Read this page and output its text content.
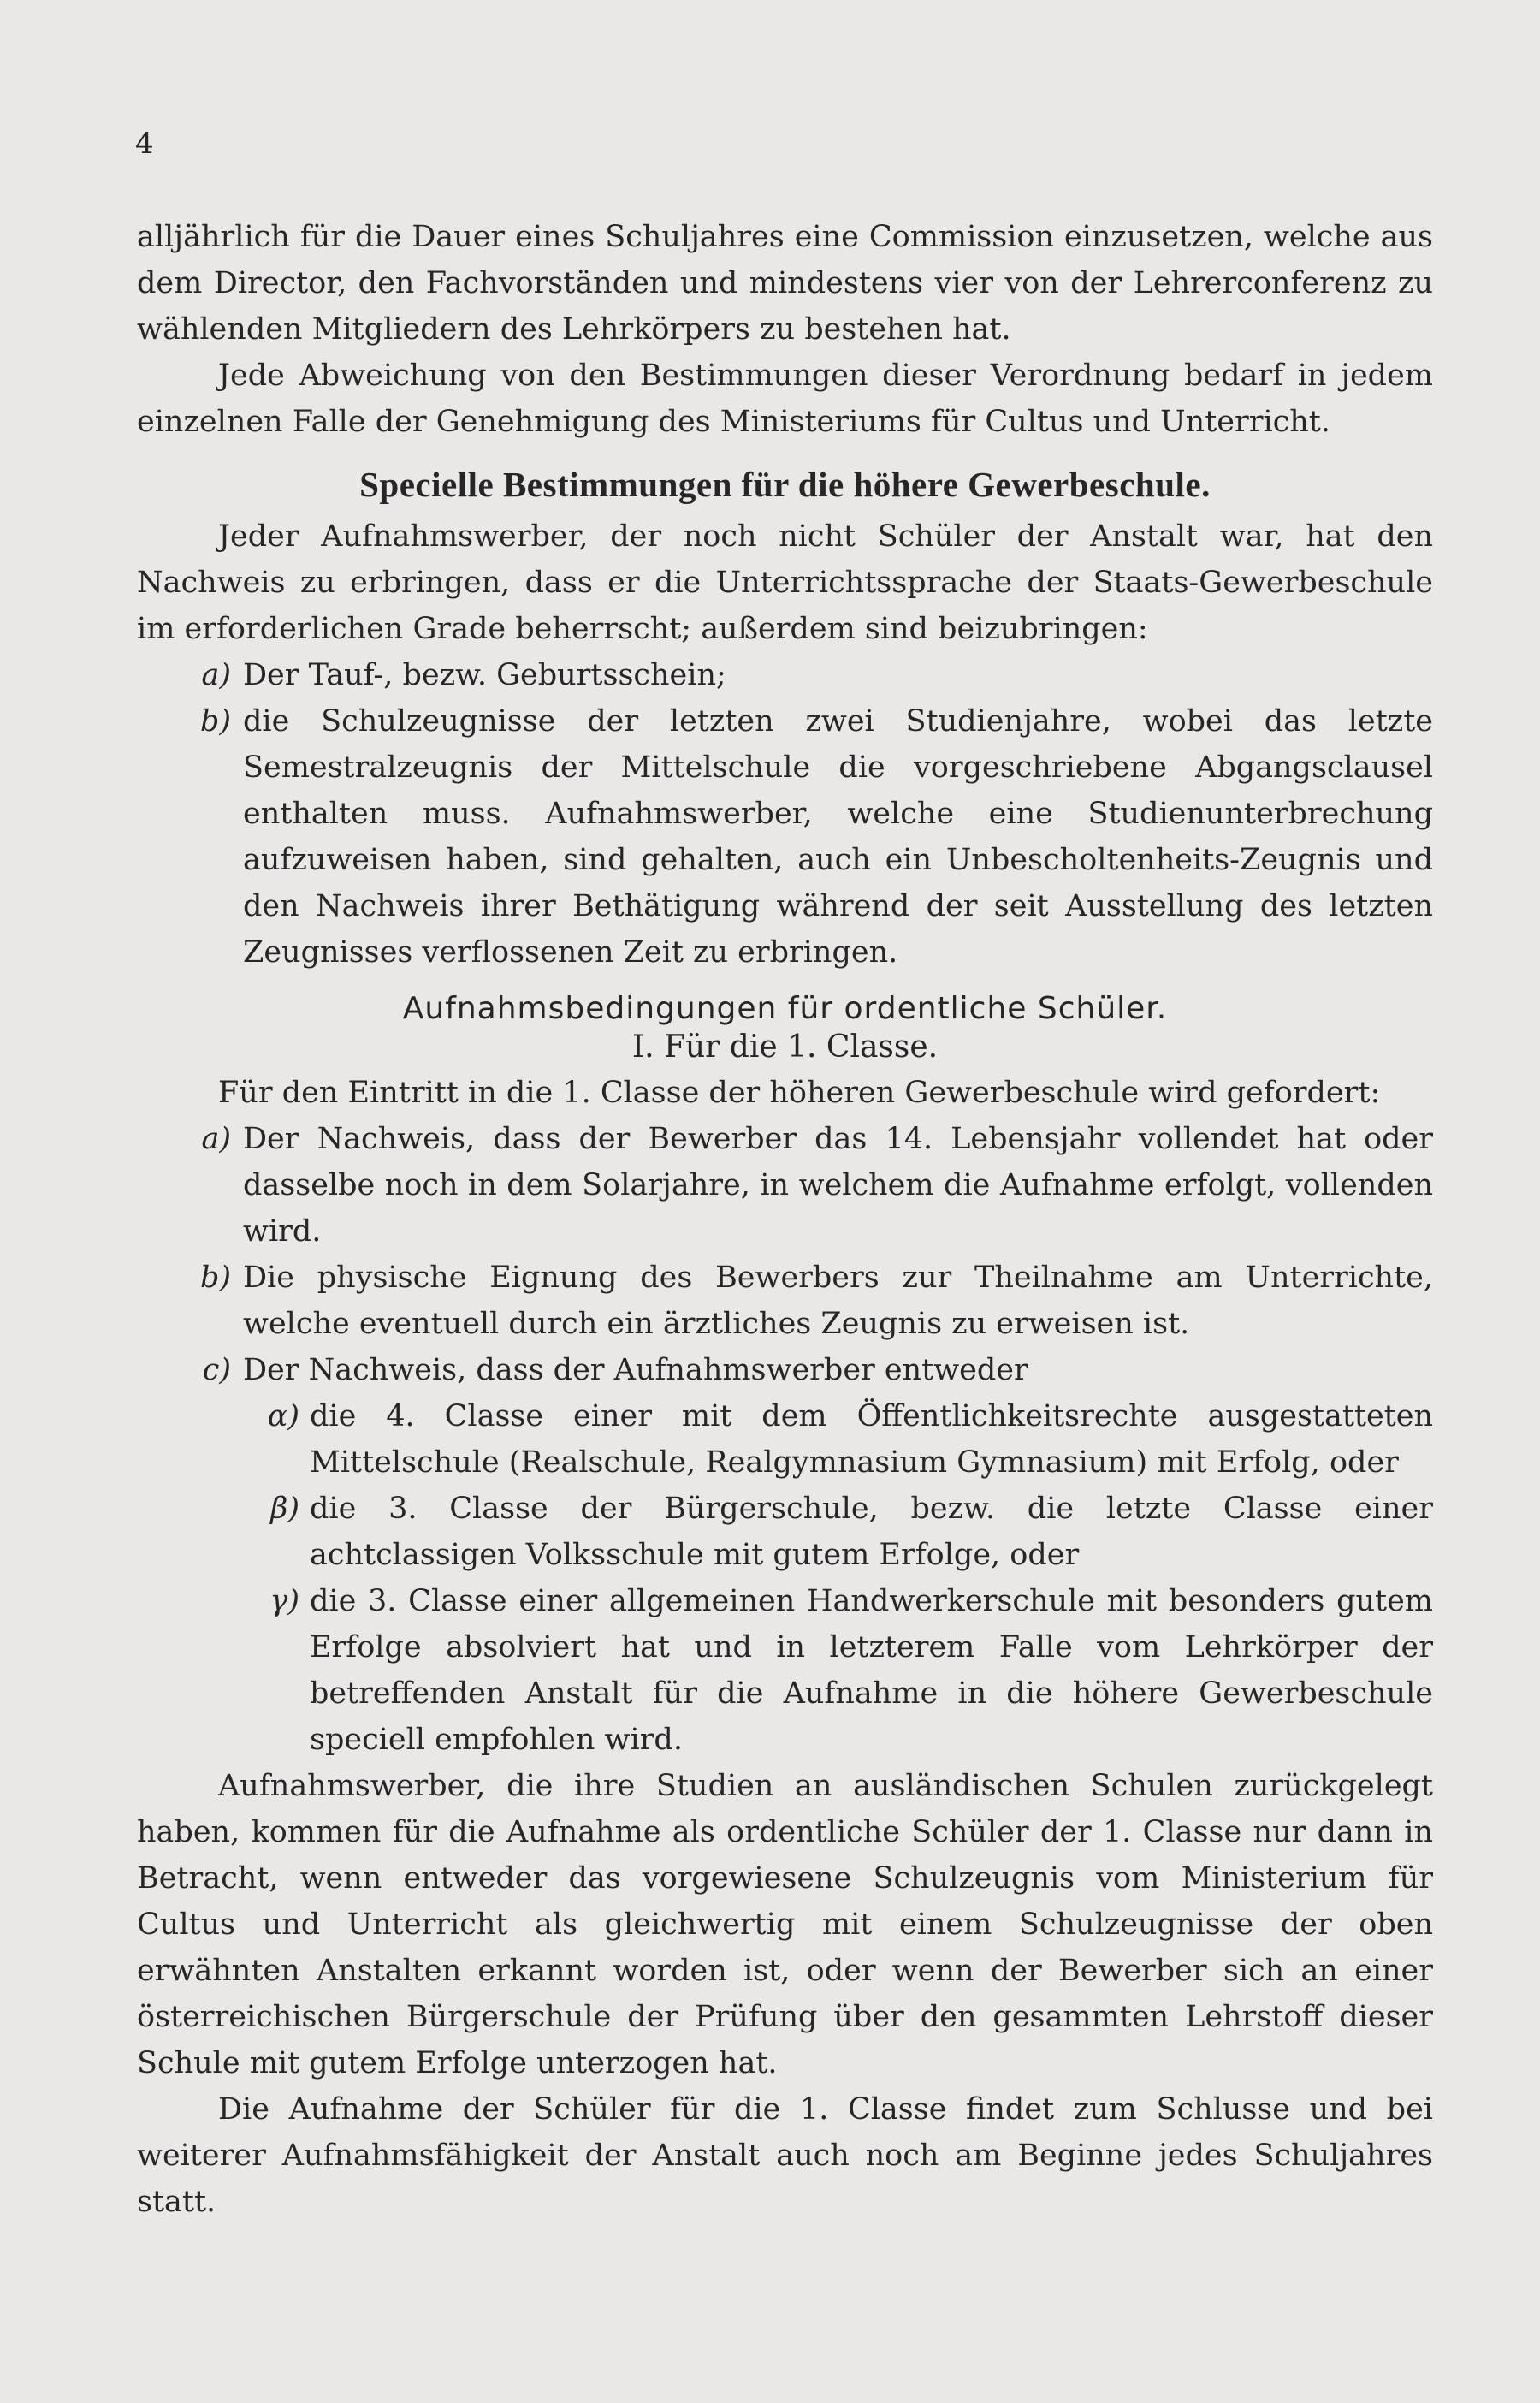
4

alljährlich für die Dauer eines Schuljahres eine Commission einzusetzen, welche aus dem Director, den Fachvorständen und mindestens vier von der Lehrerconferenz zu wählenden Mitgliedern des Lehrkörpers zu bestehen hat.

Jede Abweichung von den Bestimmungen dieser Verordnung bedarf in jedem einzelnen Falle der Genehmigung des Ministeriums für Cultus und Unterricht.

Specielle Bestimmungen für die höhere Gewerbeschule.

Jeder Aufnahmswerber, der noch nicht Schüler der Anstalt war, hat den Nachweis zu erbringen, dass er die Unterrichtssprache der Staats-Gewerbeschule im erforderlichen Grade beherrscht; außerdem sind beizubringen:

a) Der Tauf-, bezw. Geburtsschein;
b) die Schulzeugnisse der letzten zwei Studienjahre, wobei das letzte Semestralzeugnis der Mittelschule die vorgeschriebene Abgangsclausel enthalten muss. Aufnahmswerber, welche eine Studienunterbrechung aufzuweisen haben, sind gehalten, auch ein Unbescholtenheits-Zeugnis und den Nachweis ihrer Bethätigung während der seit Ausstellung des letzten Zeugnisses verflossenen Zeit zu erbringen.
Aufnahmsbedingungen für ordentliche Schüler.
I. Für die 1. Classe.

Für den Eintritt in die 1. Classe der höheren Gewerbeschule wird gefordert:

a) Der Nachweis, dass der Bewerber das 14. Lebensjahr vollendet hat oder dasselbe noch in dem Solarjahre, in welchem die Aufnahme erfolgt, vollenden wird.
b) Die physische Eignung des Bewerbers zur Theilnahme am Unterrichte, welche eventuell durch ein ärztliches Zeugnis zu erweisen ist.
c) Der Nachweis, dass der Aufnahmswerber entweder
α) die 4. Classe einer mit dem Öffentlichkeitsrechte ausgestatteten Mittelschule (Realschule, Realgymnasium Gymnasium) mit Erfolg, oder
β) die 3. Classe der Bürgerschule, bezw. die letzte Classe einer achtclassigen Volksschule mit gutem Erfolge, oder
γ) die 3. Classe einer allgemeinen Handwerkerschule mit besonders gutem Erfolge absolviert hat und in letzterem Falle vom Lehrkörper der betreffenden Anstalt für die Aufnahme in die höhere Gewerbeschule speciell empfohlen wird.

Aufnahmswerber, die ihre Studien an ausländischen Schulen zurückgelegt haben, kommen für die Aufnahme als ordentliche Schüler der 1. Classe nur dann in Betracht, wenn entweder das vorgewiesene Schulzeugnis vom Ministerium für Cultus und Unterricht als gleichwertig mit einem Schulzeugnisse der oben erwähnten Anstalten erkannt worden ist, oder wenn der Bewerber sich an einer österreichischen Bürgerschule der Prüfung über den gesammten Lehrstoff dieser Schule mit gutem Erfolge unterzogen hat.

Die Aufnahme der Schüler für die 1. Classe findet zum Schlusse und bei weiterer Aufnahmsfähigkeit der Anstalt auch noch am Beginne jedes Schuljahres statt.
